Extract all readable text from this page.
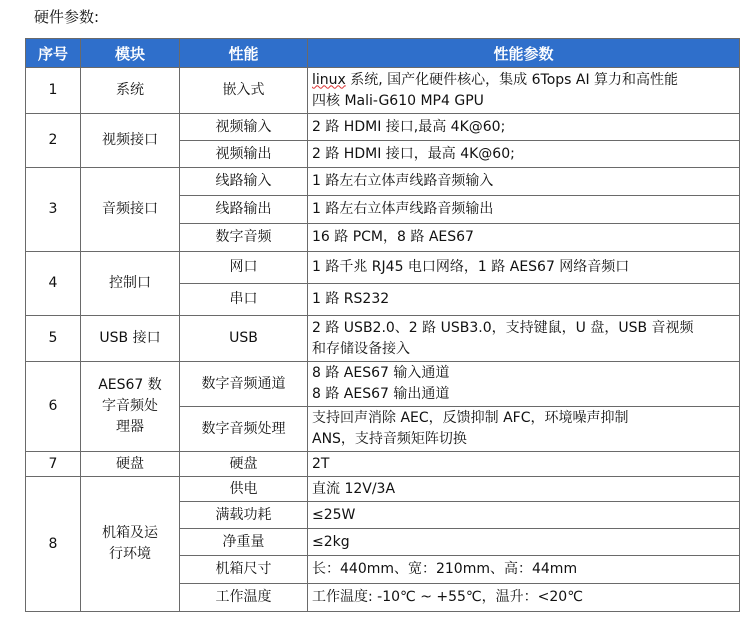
硬件参数:
序号	模块	性能	性能参数
1	系统	嵌入式	linux 系统, 国产化硬件核心，集成 6Tops AI 算力和高性能
四核 Mali-G610 MP4 GPU

2	视频接口	视频输入	2 路 HDMI 接口,最高 4K@60;
		视频输出	2 路 HDMI 接口，最高 4K@60;
3	音频接口	线路输入	1 路左右立体声线路音频输入
		线路输出	1 路左右立体声线路音频输出
		数字音频	16 路 PCM，8 路 AES67
4	控制口	网口	1 路千兆 RJ45 电口网络，1 路 AES67 网络音频口
		串口	1 路 RS232
5	USB 接口	USB	2 路 USB2.0、2 路 USB3.0，支持键鼠，U 盘，USB 音视频
和存储设备接入

6	AES67 数
字音频处
理器	数字音频通道	8 路 AES67 输入通道
8 路 AES67 输出通道

		数字音频处理	支持回声消除 AEC，反馈抑制 AFC，环境噪声抑制
ANS，支持音频矩阵切换

7	硬盘	硬盘	2T
8	机箱及运
行环境	供电	直流 12V/3A
		满载功耗	≤25W
		净重量	≤2kg
		机箱尺寸	长：440mm、宽：210mm、高：44mm
		工作温度	工作温度: -10℃ ~ +55℃，温升：<20℃
